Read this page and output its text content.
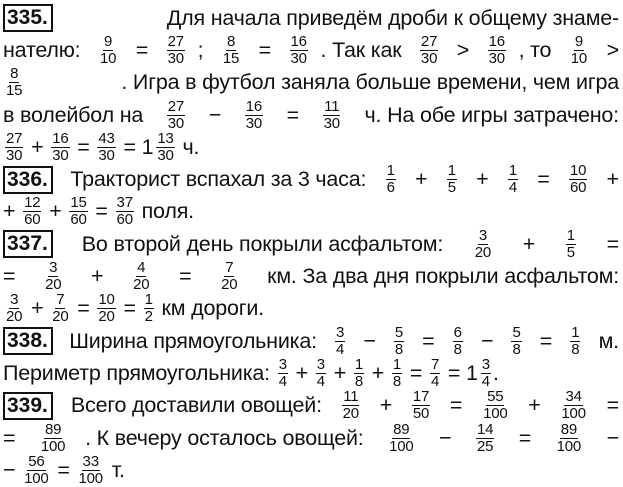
335.	Для начала приведём дроби к общему знаме-
нателю: $\frac{9}{10} = \frac{27}{30}$ ; $\frac{8}{15} = \frac{16}{30}$ . Так как $\frac{27}{30} > \frac{16}{30}$ , то $\frac{9}{10}$ >
$\frac{8}{15}$	. Игра в футбол заняла больше времени, чем игра
в волейбол на $\frac{27}{30} - \frac{16}{30} = \frac{11}{30} ч$. На обе игры затрачено:
$\frac{27}{30} + \frac{16}{30} = \frac{43}{30} = 1 \frac{13}{30} ч$.
336. Тракторист вспахал за 3 часа: $\frac{1}{6} + \frac{1}{5} + \frac{1}{4} = \frac{10}{60}$ +
+ $\frac{12}{60} + \frac{15}{60} = \frac{37}{60}$ поля.
337. Во второй день покрыли асфальтом: $\frac{3}{20} + \frac{1}{5}$ =
= $\frac{3}{20} + \frac{4}{20} = \frac{7}{20}$ км. За два дня покрыли асфальтом:
$\frac{3}{20} + \frac{7}{20} = \frac{10}{20} = \frac{1}{2}$ км дороги.
338. Ширина прямоугольника: $\frac{3}{4} - \frac{5}{8} = \frac{6}{8} - \frac{5}{8} = \frac{1}{8} м$.
Периметр прямоугольника: $\frac{3}{4} + \frac{3}{4} + \frac{1}{8} + \frac{1}{8} = \frac{7}{4} = 1 \frac{3}{4}$ .
339. Всего доставили овощей: $\frac{11}{20} + \frac{17}{50} = \frac{55}{100} + \frac{34}{100}$ =
= $\frac{89}{100}$ . К вечеру осталось овощей: $\frac{89}{100} - \frac{14}{25} = \frac{89}{100}$ −
− $\frac{56}{100} = \frac{33}{100} т$.
